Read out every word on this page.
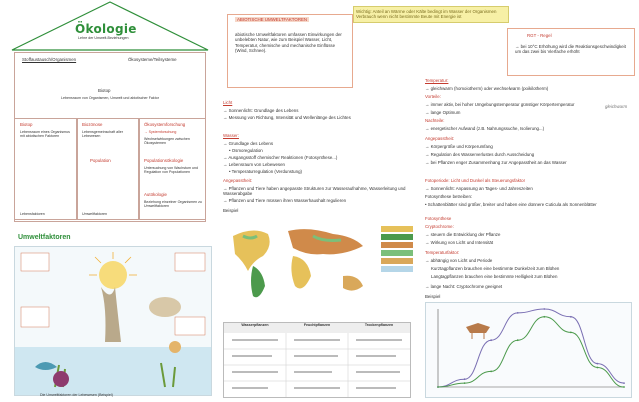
Ökologie
Lehre der Umwelt-Beziehungen
Stoffaustausch/Organismen	Ökosysteme/Teilsysteme
Biotop
Lebensraum von Organismen, Umwelt und abiotischer Faktor
Biotop
Lebensraum eines Organismus mit abiotischen Faktoren
Biozönose
Lebensgemeinschaft aller Lebewesen
Ökosystemforschung
→ Systemforschung
Wechselwirkungen zwischen Ökosystemen
Population	Populationsökologie
Untersuchung von Wachstum und Regulation von Populationen
Lebensfaktoren	Umweltfaktoren
Autökologie
Beziehung einzelner Organismen zu Umweltfaktoren
Umweltfaktoren
Die Umweltfaktoren der Lebewesen (Beispiel)
ABIOTISCHE UMWELTFAKTOREN
abiotische Umweltfaktoren umfassen Einwirkungen der unbelebten Natur, wie zum Beispiel Wasser, Licht, Temperatur, chemische und mechanische Einflüsse (Wind, Schnee).
Licht
→ Sonnenlicht: Grundlage des Lebens
→ Messung von Richtung, Intensität und Wellenlänge des Lichtes
Wasser:
→ Grundlage des Lebens
• Osmoregulation
→ Ausgangsstoff chemischer Reaktionen (Fotosynthese...)
→ Lebensraum von Lebewesen
• Temperaturregulation (Verdunstung)
Angepasstheit:
→ Pflanzen und Tiere haben angepasste Strukturen zur Wasseraufnahme, Wasserleitung und Wasserabgabe
→ Pflanzen und Tiere müssen ihren Wasserhaushalt regulieren
Beispiel
Wasserpflanzen	Feuchtpflanzen	Trockenpflanzen
Wichtig: Anteil an Wärme oder Kälte bedingt im Wasser der Organismen Verbrauch wenn nicht bestimmte Beute mit Energie ist
RGT - Regel
→ bei 10°C Erhöhung wird die Reaktionsgeschwindigkeit um das zwei bis Vierfache erhöht
Temperatur:
→ gleichwarm (homoiotherm) oder wechselwarm (poikilotherm)
Vorteile:
→ immer aktiv, bei hoher Umgebungstemperatur günstiger Körpertemperatur	gleichwarm
→ lange Optimum
Nachteile:
→ energetischer Aufwand (z.B. Nahrungssuche, Isolierung...)
Angepasstheit:
→ Körpergröße und Körperumfang
→ Regulation des Wasserverlustes durch Ausscheidung
→ bei Pflanzen enger Zusammenhang zur Angepasstheit an das Wasser
Fotoperiode: Licht und Dunkel als Steuerungsfaktor
→ Sonnenlicht: Anpassung an Tages- und Jahreszeiten
Fotosynthese betreiben:
• Schattenblätter sind größer, breiter und haben eine dünnere Cuticula als Sonnenblätter
Fotosynthese
Cryptochrome:
→ steuern die Entwicklung der Pflanze
→ Wirkung von Licht und Intensität
Temperaturfaktor:
→ abhängig von Licht und Periode
Kurztagpflanzen brauchen eine bestimmte Dunkelzeit zum Blühen
Langtagpflanzen brauchen eine bestimmte Helligkeit zum Blühen
→ lange Nacht: Cryptochrome geeignet
Beispiel
